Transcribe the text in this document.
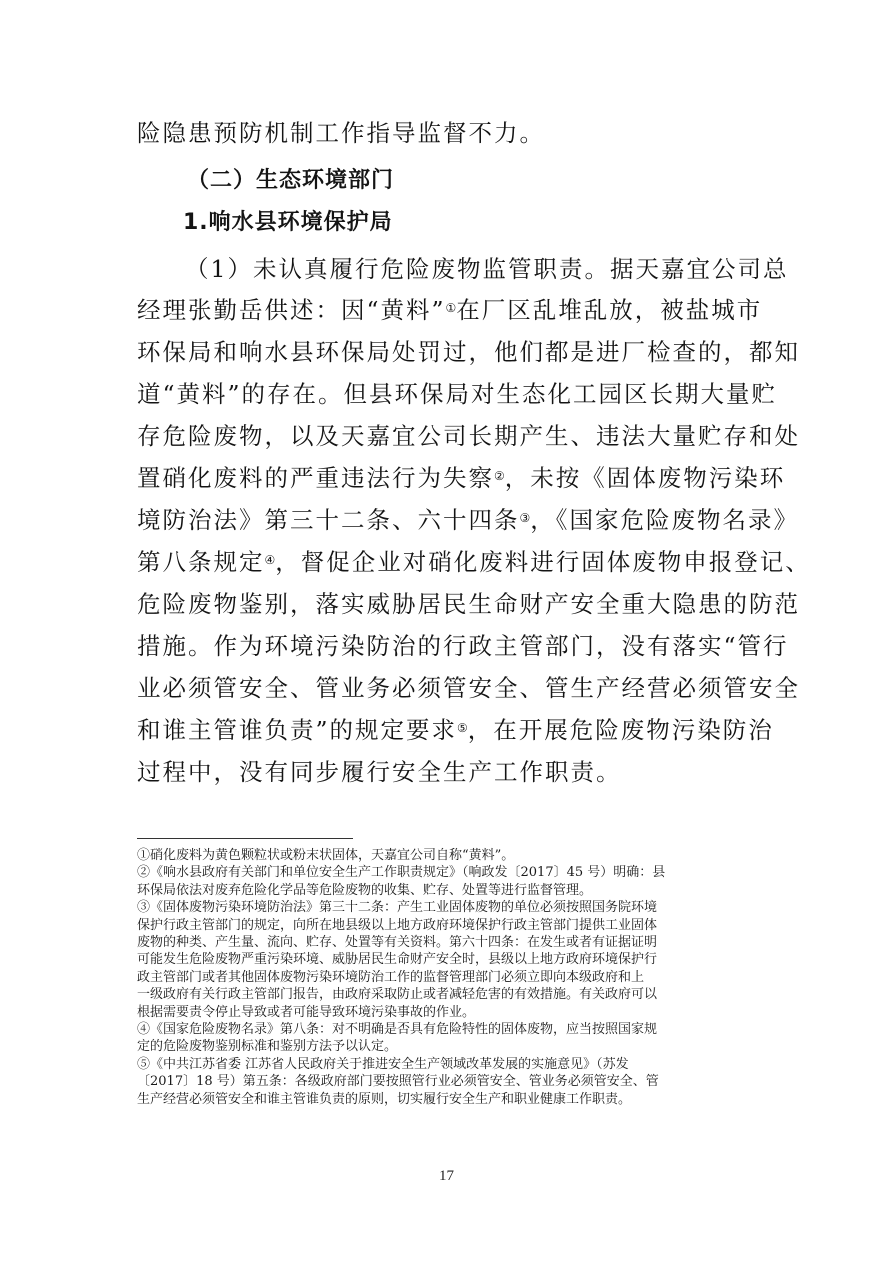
险隐患预防机制工作指导监督不力。
（二）生态环境部门
1.响水县环境保护局
（1）未认真履行危险废物监管职责。据天嘉宜公司总
经理张勤岳供述：因“黄料”①在厂区乱堆乱放，被盐城市
环保局和响水县环保局处罚过，他们都是进厂检查的，都知
道“黄料”的存在。但县环保局对生态化工园区长期大量贮
存危险废物，以及天嘉宜公司长期产生、违法大量贮存和处
置硝化废料的严重违法行为失察②，未按《固体废物污染环
境防治法》第三十二条、六十四条③，《国家危险废物名录》
第八条规定④，督促企业对硝化废料进行固体废物申报登记、
危险废物鉴别，落实威胁居民生命财产安全重大隐患的防范
措施。作为环境污染防治的行政主管部门，没有落实“管行
业必须管安全、管业务必须管安全、管生产经营必须管安全
和谁主管谁负责”的规定要求⑤，在开展危险废物污染防治
过程中，没有同步履行安全生产工作职责。

①硝化废料为黄色颗粒状或粉末状固体，天嘉宜公司自称“黄料”。

②《响水县政府有关部门和单位安全生产工作职责规定》（响政发〔2017〕45 号）明确：县

环保局依法对废弃危险化学品等危险废物的收集、贮存、处置等进行监督管理。

③《固体废物污染环境防治法》第三十二条：产生工业固体废物的单位必须按照国务院环境

保护行政主管部门的规定，向所在地县级以上地方政府环境保护行政主管部门提供工业固体

废物的种类、产生量、流向、贮存、处置等有关资料。第六十四条：在发生或者有证据证明

可能发生危险废物严重污染环境、威胁居民生命财产安全时，县级以上地方政府环境保护行

政主管部门或者其他固体废物污染环境防治工作的监督管理部门必须立即向本级政府和上

一级政府有关行政主管部门报告，由政府采取防止或者减轻危害的有效措施。有关政府可以

根据需要责令停止导致或者可能导致环境污染事故的作业。

④《国家危险废物名录》第八条：对不明确是否具有危险特性的固体废物，应当按照国家规

定的危险废物鉴别标准和鉴别方法予以认定。

⑤《中共江苏省委 江苏省人民政府关于推进安全生产领域改革发展的实施意见》（苏发

〔2017〕18 号）第五条：各级政府部门要按照管行业必须管安全、管业务必须管安全、管

生产经营必须管安全和谁主管谁负责的原则，切实履行安全生产和职业健康工作职责。

17
